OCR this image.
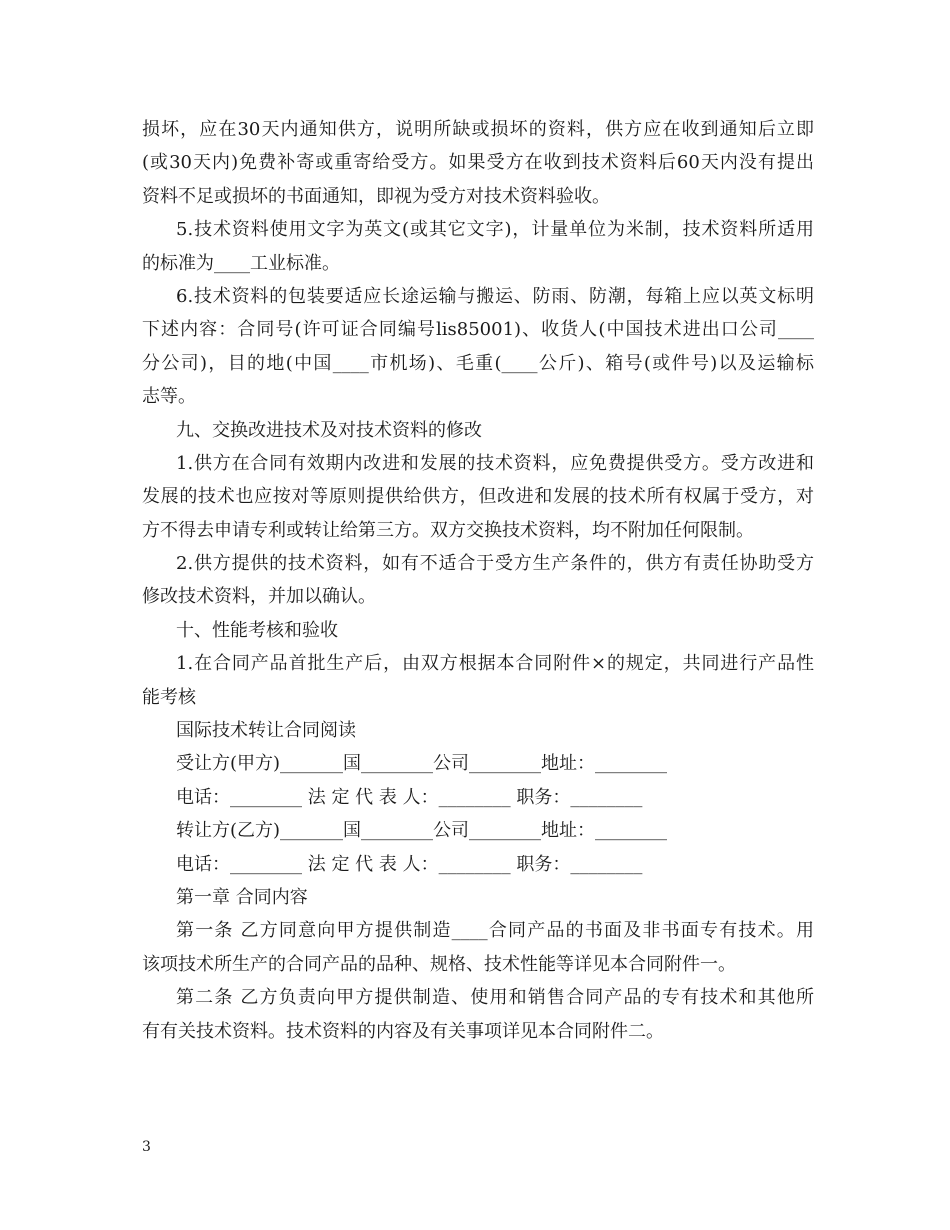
损坏，应在30天内通知供方，说明所缺或损坏的资料，供方应在收到通知后立即
(或30天内)免费补寄或重寄给受方。如果受方在收到技术资料后60天内没有提出
资料不足或损坏的书面通知，即视为受方对技术资料验收。
5.技术资料使用文字为英文(或其它文字)，计量单位为米制，技术资料所适用
的标准为____工业标准。
6.技术资料的包装要适应长途运输与搬运、防雨、防潮，每箱上应以英文标明
下述内容：合同号(许可证合同编号lis85001)、收货人(中国技术进出口公司____
分公司)，目的地(中国____市机场)、毛重(____公斤)、箱号(或件号)以及运输标
志等。
九、交换改进技术及对技术资料的修改
1.供方在合同有效期内改进和发展的技术资料，应免费提供受方。受方改进和
发展的技术也应按对等原则提供给供方，但改进和发展的技术所有权属于受方，对
方不得去申请专利或转让给第三方。双方交换技术资料，均不附加任何限制。
2.供方提供的技术资料，如有不适合于受方生产条件的，供方有责任协助受方
修改技术资料，并加以确认。
十、性能考核和验收
1.在合同产品首批生产后，由双方根据本合同附件×的规定，共同进行产品性
能考核
国际技术转让合同阅读
受让方(甲方)_______国________公司________地址：________
电话：________ 法 定 代 表 人：________ 职务：________
转让方(乙方)_______国________公司________地址：________
电话：________ 法 定 代 表 人：________ 职务：________
第一章 合同内容
第一条 乙方同意向甲方提供制造____合同产品的书面及非书面专有技术。用
该项技术所生产的合同产品的品种、规格、技术性能等详见本合同附件一。
第二条 乙方负责向甲方提供制造、使用和销售合同产品的专有技术和其他所
有有关技术资料。技术资料的内容及有关事项详见本合同附件二。
3
